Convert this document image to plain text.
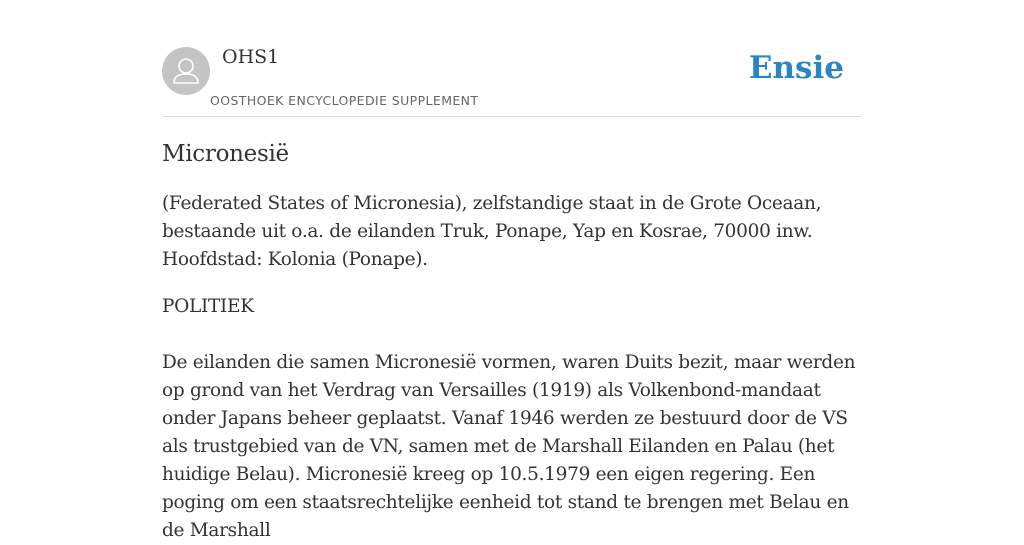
OHS1
OOSTHOEK ENCYCLOPEDIE SUPPLEMENT
Ensie
Micronesië

(Federated States of Micronesia), zelfstandige staat in de Grote Oceaan, bestaande uit o.a. de eilanden Truk, Ponape, Yap en Kosrae, 70000 inw. Hoofdstad: Kolonia (Ponape).

POLITIEK

De eilanden die samen Micronesië vormen, waren Duits bezit, maar werden op grond van het Verdrag van Versailles (1919) als Volkenbond-mandaat onder Japans beheer geplaatst. Vanaf 1946 werden ze bestuurd door de VS als trustgebied van de VN, samen met de Marshall Eilanden en Palau (het huidige Belau). Micronesië kreeg op 10.5.1979 een eigen regering. Een poging om een staatsrechtelijke eenheid tot stand te brengen met Belau en de Marshall
